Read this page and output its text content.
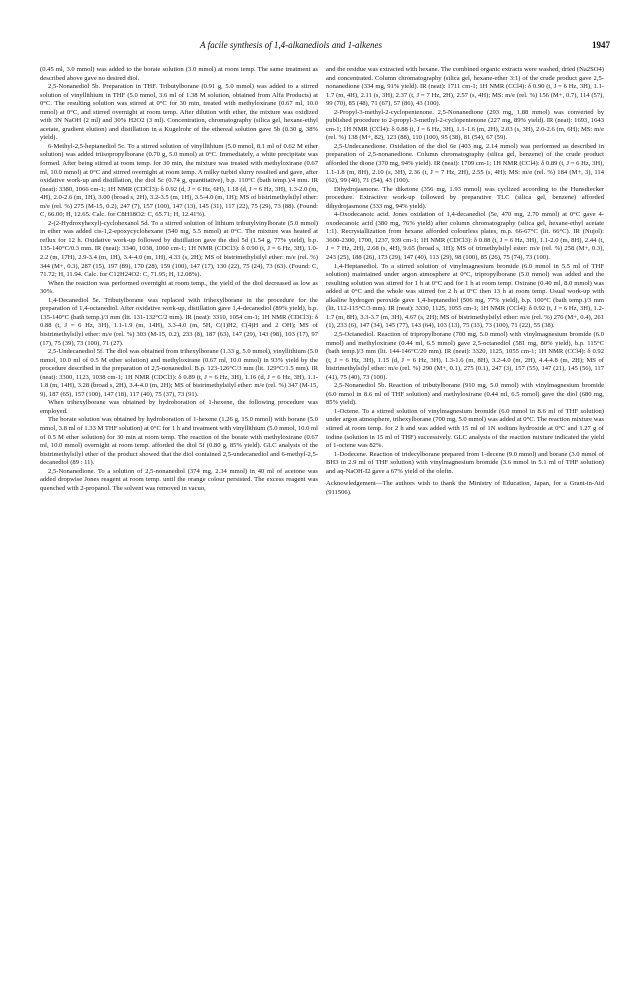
A facile synthesis of 1,4-alkanediols and 1-alkenes	1947

(0.45 ml, 3.0 mmol) was added to the borate solution (3.0 mmol) at room temp. The same treatment as described above gave no desired diol.

2,5-Nonanediol 5b. Preparation in THF. Tributylborane (0.91 g, 5.0 mmol) was added to a stirred solution of vinyllithium in THF (5.0 mmol, 3.6 ml of 1.38 M solution, obtained from Alfa Products) at 0°C. The resulting solution was stirred at 0°C for 30 min, treated with methyloxirane (0.67 ml, 10.0 mmol) at 0°C, and stirred overnight at room temp. After dilution with ether, the mixture was oxidized with 3N NaOH (2 ml) and 30% H2O2 (3 ml). Concentration, chromatography (silica gel, hexane-ethyl acetate, gradient elution) and distillation in a Kugelrohr of the ethereal solution gave 5b (0.30 g, 38% yield).

6-Methyl-2,5-heptanediol 5c. To a stirred solution of vinyllithium (5.0 mmol, 8.1 ml of 0.62 M ether solution) was added triisopropylborane (0.70 g, 5.0 mmol) at 0°C. Immediately, a white precipitate was formed. After being stirred at room temp. for 30 min, the mixture was treated with methyloxirane (0.67 ml, 10.0 mmol) at 0°C and stirred overnight at room temp. A milky turbid slurry resulted and gave, after oxidative work-up and distillation, the diol 5c (0.74 g, quantitative), b.p. 110°C (bath temp.)/4 mm. IR (neat): 3380, 1066 cm-1; 1H NMR (CDCl3): δ 0.92 (d, J = 6 Hz, 6H), 1.18 (d, J = 6 Hz, 3H), 1.3-2.0 (m, 4H), 2.0-2.6 (m, 1H), 3.00 (broad s, 2H), 3.2-3.5 (m, 1H), 3.5-4.0 (m, 1H); MS of bistrimethylsilyl ether: m/e (rel. %) 275 (M-15, 0.2), 247 (7), 157 (100), 147 (13), 145 (31), 117 (22), 75 (29), 73 (88). (Found: C, 66.00; H, 12.65. Calc. for C8H18O2: C, 65.71; H, 12.41%).

2-(2-Hydroxyhexyl)-cyclohexanol 5d. To a stirred solution of lithium tributylvinylborate (5.0 mmol) in ether was added cis-1,2-epoxycyclohexane (540 mg, 5.5 mmol) at 0°C. The mixture was heated at reflux for 12 h. Oxidative work-up followed by distillation gave the diol 5d (1.54 g, 77% yield), b.p. 135-140°C/0.3 mm. IR (neat): 3340, 1038, 1060 cm-1; 1H NMR (CDCl3): δ 0.90 (t, J = 6 Hz, 3H), 1.0-2.2 (m, 17H), 2.9-3.4 (m, 1H), 3.4-4.0 (m, 1H), 4.33 (s, 2H); MS of bistrimethylsilyl ether: m/e (rel. %) 344 (M+, 0.3), 287 (15), 197 (89), 170 (28), 159 (100), 147 (17), 130 (22), 75 (24), 73 (63). (Found: C, 71.72; H, 11.94. Calc. for C12H24O2: C, 71.95; H, 12.08%).

When the reaction was performed overnight at room temp., the yield of the diol decreased as low as 30%.

1,4-Decanediol 5e. Tributylborane was replaced with trihexylborane in the procedure for the preparation of 1,4-octanediol. After oxidative work-up, distillation gave 1,4-decanediol (89% yield), b.p. 135-140°C (bath temp.)/3 mm (lit. 131-132°C/2 mm). IR (neat): 3310, 1054 cm-1; 1H NMR (CDCl3): δ 0.88 (t, J = 6 Hz, 3H), 1.1-1.9 (m, 14H), 3.3-4.0 (m, 5H, C(1)H2, C(4)H and 2 OH); MS of bistrimethylsilyl ether: m/e (rel. %) 303 (M-15, 0.2), 233 (8), 187 (63), 147 (29), 143 (98), 103 (17), 97 (17), 75 (39), 73 (100), 71 (27).

2,5-Undecanediol 5f. The diol was obtained from trihexylborane (1.33 g, 5.0 mmol), vinyllithium (5.0 mmol, 10.0 ml of 0.5 M ether solution) and methyloxirane (0.67 ml, 10.0 mmol) in 93% yield by the procedure described in the preparation of 2,5-nonanediol. B.p. 123-126°C/3 mm (lit. 129°C/1.5 mm). IR (neat): 3300, 1123, 1038 cm-1; 1H NMR (CDCl3): δ 0.89 (t, J = 6 Hz, 3H), 1.16 (d, J = 6 Hz, 3H), 1.1-1.8 (m, 14H), 3.28 (broad s, 2H), 3.4-4.0 (m, 2H); MS of bistrimethylsilyl ether: m/e (rel. %) 347 (M-15, 9), 187 (65), 157 (100), 147 (18), 117 (40), 75 (37), 73 (91).

When trihexylborane was obtained by hydroboration of 1-hexene, the following procedure was employed.

The borate solution was obtained by hydroboration of 1-hexene (1.26 g, 15.0 mmol) with borane (5.0 mmol, 3.8 ml of 1.33 M THF solution) at 0°C for 1 h and treatment with vinyllithium (5.0 mmol, 10.0 ml of 0.5 M ether solution) for 30 min at room temp. The reaction of the borate with methyloxirane (0.67 ml, 10.0 mmol) overnight at room temp. afforded the diol 5f (0.80 g, 85% yield). GLC analysis of the bistrimethylsilyl ether of the product showed that the diol contained 2,5-undecanediol and 6-methyl-2,5-decanediol (89 : 11).

2,5-Nonanedione. To a solution of 2,5-nonanediol (374 mg, 2.34 mmol) in 40 ml of acetone was added dropwise Jones reagent at room temp. until the orange colour persisted. The excess reagent was quenched with 2-propanol. The solvent was removed in vacuo,

and the residue was extracted with hexane. The combined organic extracts were washed, dried (Na2SO4) and concentrated. Column chromatography (silica gel, hexane-ether 3:1) of the crude product gave 2,5-nonanedione (334 mg, 91% yield). IR (neat): 1711 cm-1; 1H NMR (CCl4): δ 0.90 (t, J = 6 Hz, 3H), 1.1-1.7 (m, 4H), 2.11 (s, 3H), 2.37 (t, J = 7 Hz, 2H), 2.57 (s, 4H); MS: m/e (rel. %) 156 (M+, 0.7), 114 (57), 99 (70), 85 (48), 71 (67), 57 (86), 43 (100).

2-Propyl-3-methyl-2-cyclopentenone. 2,5-Nonanedione (293 mg, 1.88 mmol) was converted by published procedure to 2-propyl-3-methyl-2-cyclopentenone (227 mg, 89% yield). IR (neat): 1693, 1643 cm-1; 1H NMR (CCl4): δ 0.88 (t, J = 6 Hz, 3H), 1.1-1.6 (m, 2H), 2.03 (s, 3H), 2.0-2.6 (m, 6H); MS: m/e (rel. %) 138 (M+, 82), 123 (88), 110 (100), 95 (38), 81 (54), 67 (59).

2,5-Undecanedione. Oxidation of the diol 6e (403 mg, 2.14 mmol) was performed as described in preparation of 2,5-nonanedione. Column chromatography (silica gel, benzene) of the crude product afforded the dione (370 mg, 94% yield). IR (neat): 1709 cm-1; 1H NMR (CCl4): δ 0.89 (t, J = 6 Hz, 3H), 1.1-1.8 (m, 8H), 2.10 (s, 3H), 2.36 (t, J = 7 Hz, 2H), 2.55 (s, 4H); MS: m/e (rel. %) 184 (M+, 3), 114 (62), 99 (40), 71 (54), 43 (100).

Dihydrojasmone. The diketone (356 mg, 1.93 mmol) was cyclized according to the Hunsdiecker procedure. Extractive work-up followed by preparative TLC (silica gel, benzene) afforded dihydrojasmone (333 mg, 94% yield).

4-Oxodecanoic acid. Jones oxidation of 1,4-decanediol (5e, 470 mg, 2.70 mmol) at 0°C gave 4-oxodecanoic acid (380 mg, 76% yield) after column chromatography (silica gel, hexane-ethyl acetate 1:1). Recrystallization from hexane afforded colourless plates, m.p. 66-67°C (lit. 66°C). IR (Nujol): 3600-2300, 1700, 1237, 939 cm-1; 1H NMR (CDCl3): δ 0.88 (t, J = 6 Hz, 3H), 1.1-2.0 (m, 8H), 2.44 (t, J = 7 Hz, 2H), 2.68 (s, 4H), 9.65 (broad s, 1H); MS of trimethylsilyl ester: m/e (rel. %) 258 (M+, 0.3), 243 (25), 188 (26), 173 (29), 147 (40), 113 (29), 98 (100), 85 (26), 75 (74), 73 (100).

1,4-Heptanediol. To a stirred solution of vinylmagnesium bromide (6.0 mmol in 5.5 ml of THF solution) maintained under argon atmosphere at 0°C, tripropylborane (5.0 mmol) was added and the resulting solution was stirred for 1 h at 0°C and for 1 h at room temp. Oxirane (0.40 ml, 8.0 mmol) was added at 0°C and the whole was stirred for 2 h at 0°C then 13 h at room temp. Usual work-up with alkaline hydrogen peroxide gave 1,4-heptanediol (506 mg, 77% yield), b.p. 100°C (bath temp.)/3 mm (lit. 112-115°C/3 mm). IR (neat): 3330, 1125, 1055 cm-1; 1H NMR (CCl4): δ 0.92 (t, J = 6 Hz, 3H), 1.2-1.7 (m, 8H), 3.3-3.7 (m, 3H), 4.67 (s, 2H); MS of bistrimethylsilyl ether: m/e (rel. %) 276 (M+, 0.4), 261 (1), 233 (6), 147 (34), 145 (77), 143 (64), 103 (13), 75 (33), 73 (100), 71 (22), 55 (38).

2,5-Octanediol. Reaction of tripropylborane (700 mg, 5.0 mmol) with vinylmagnesium bromide (6.0 mmol) and methyloxirane (0.44 ml, 6.5 mmol) gave 2,5-octanediol (581 mg, 80% yield), b.p. 115°C (bath temp.)/3 mm (lit. 144-146°C/20 mm). IR (neat): 3320, 1125, 1055 cm-1; 1H NMR (CCl4): δ 0.92 (t, J = 6 Hz, 3H), 1.15 (d, J = 6 Hz, 3H), 1.3-1.6 (m, 8H), 3.2-4.0 (m, 2H), 4.4-4.8 (m, 2H); MS of bistrimethylsilyl ether: m/e (rel. %) 290 (M+, 0.1), 275 (0.1), 247 (3), 157 (55), 147 (21), 145 (56), 117 (41), 75 (40), 73 (100).

2,5-Nonanediol 5b. Reaction of tributylborane (910 mg, 5.0 mmol) with vinylmagnesium bromide (6.0 mmol in 8.6 ml of THF solution) and methyloxirane (0.44 ml, 6.5 mmol) gave the diol (680 mg, 85% yield).

1-Octene. To a stirred solution of vinylmagnesium bromide (6.0 mmol in 8.6 ml of THF solution) under argon atmosphere, trihexylborane (700 mg, 5.0 mmol) was added at 0°C. The reaction mixture was stirred at room temp. for 2 h and was added with 15 ml of 1N sodium hydroxide at 0°C and 1.27 g of iodine (solution in 15 ml of THF) successively. GLC analysis of the reaction mixture indicated the yield of 1-octene was 82%.

1-Dodecene. Reaction of tridecylborane prepared from 1-decene (9.0 mmol) and borane (3.0 mmol of BH3 in 2.9 ml of THF solution) with vinylmagnesium bromide (3.6 mmol in 5.1 ml of THF solution) and aq-NaOH-I2 gave a 67% yield of the olefin.

Acknowledgement—The authors wish to thank the Ministry of Education, Japan, for a Grant-in-Aid (911506).
